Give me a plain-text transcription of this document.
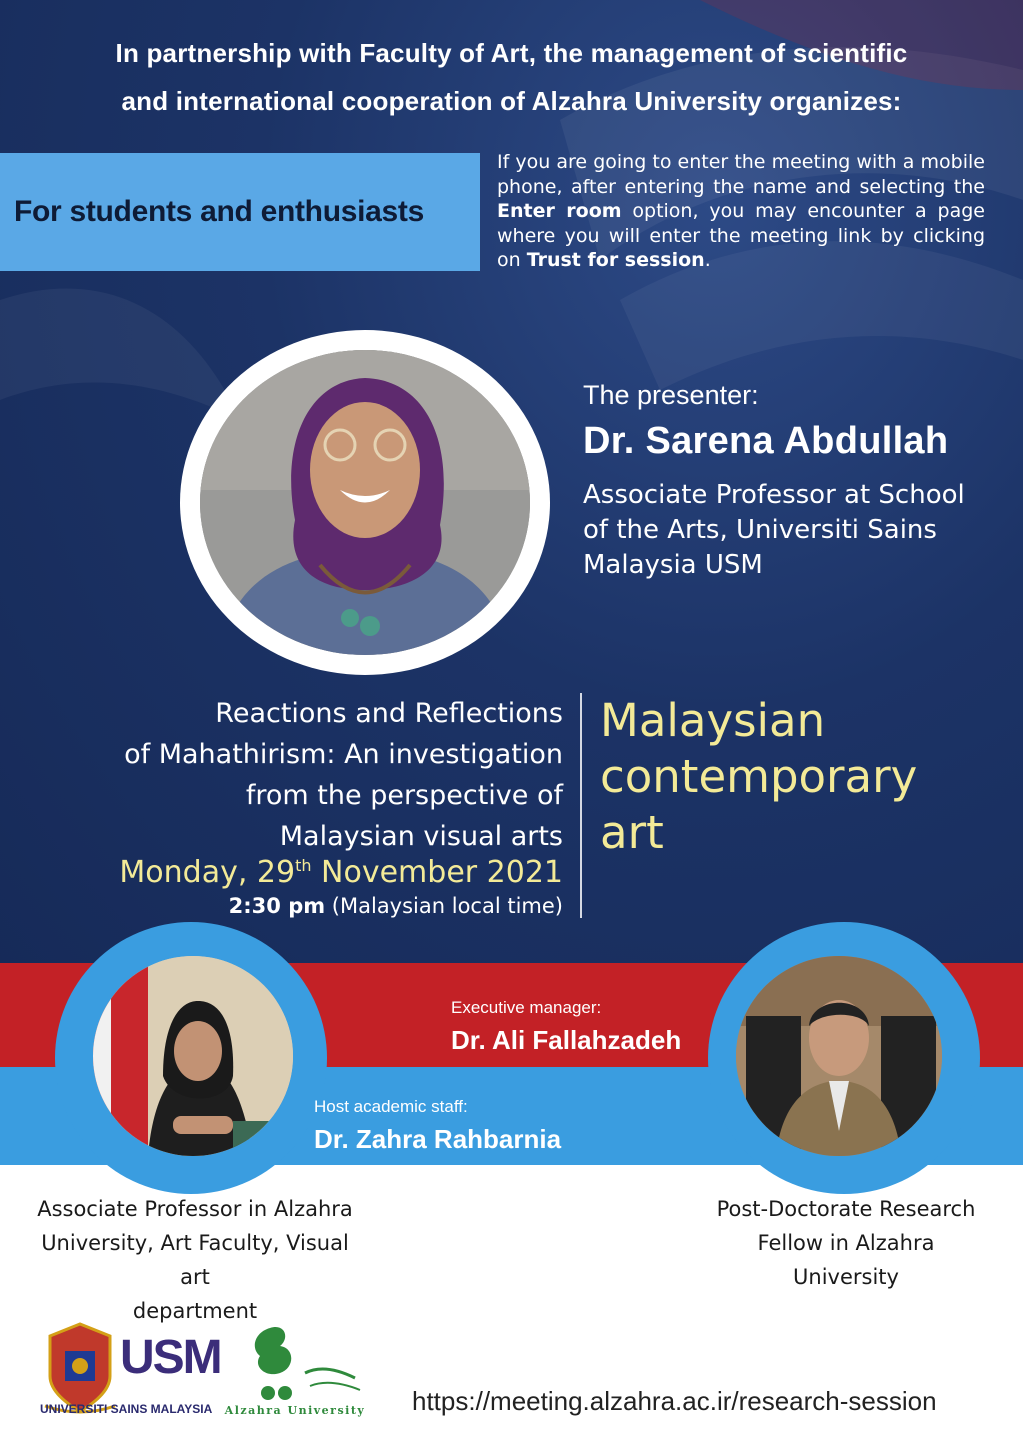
In partnership with Faculty of Art, the management of scientific
and international cooperation of Alzahra University organizes:
For students and enthusiasts
If you are going to enter the meeting with a mobile phone, after entering the name and selecting the Enter room option, you may encounter a page where you will enter the meeting link by clicking on Trust for session.
The presenter:
Dr. Sarena Abdullah
Associate Professor at School
of the Arts, Universiti Sains
Malaysia USM
Reactions and Reflections
of Mahathirism: An investigation
from the perspective of
Malaysian visual arts
Monday, 29th November 2021
2:30 pm (Malaysian local time)
Malaysian
contemporary
art
Executive manager:
Dr. Ali Fallahzadeh
Host academic staff:
Dr. Zahra Rahbarnia
Associate Professor in Alzahra
University, Art Faculty, Visual art
department
Post-Doctorate Research
Fellow in Alzahra
University
USM
UNIVERSITI SAINS MALAYSIA	Alzahra University https://meeting.alzahra.ac.ir/research-session
